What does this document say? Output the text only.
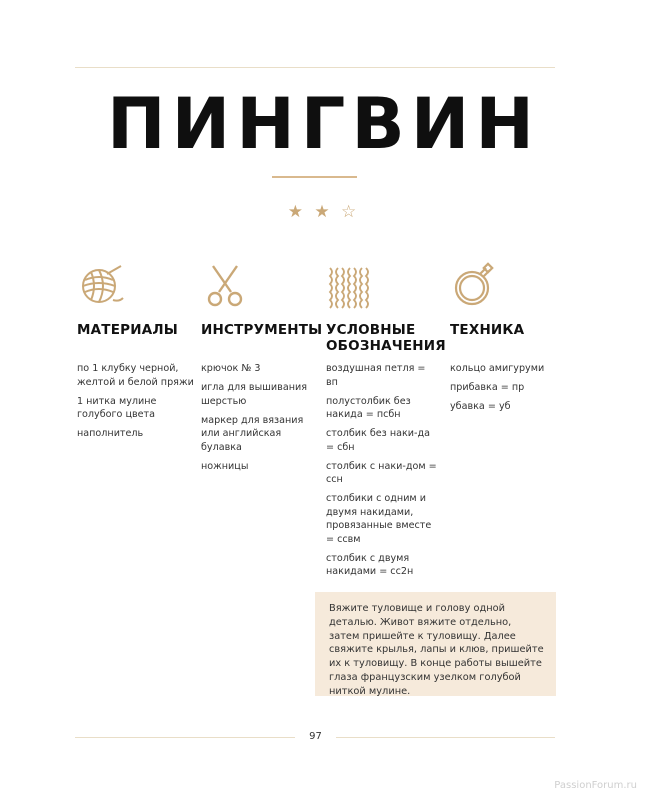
ПИНГВИН
★ ★ ☆
МАТЕРИАЛЫ
по 1 клубку черной, желтой и белой пряжи
1 нитка мулине голубого цвета
наполнитель
ИНСТРУМЕНТЫ
крючок № 3
игла для вышивания шерстью
маркер для вязания или английская булавка
ножницы
УСЛОВНЫЕ ОБОЗНАЧЕНИЯ
воздушная петля = вп
полустолбик без накида = псбн
столбик без наки-да = сбн
столбик с наки-дом = ссн
столбики с одним и двумя накидами, провязанные вместе = ссвм
столбик с двумя накидами = сс2н
ТЕХНИКА
кольцо амигуруми
прибавка = пр
убавка = уб
Вяжите туловище и голову одной деталью. Живот вяжите отдельно, затем пришейте к туловищу. Далее свяжите крылья, лапы и клюв, пришейте их к туловищу. В конце работы вышейте глаза французским узелком голубой ниткой мулине.
97
PassionForum.ru
